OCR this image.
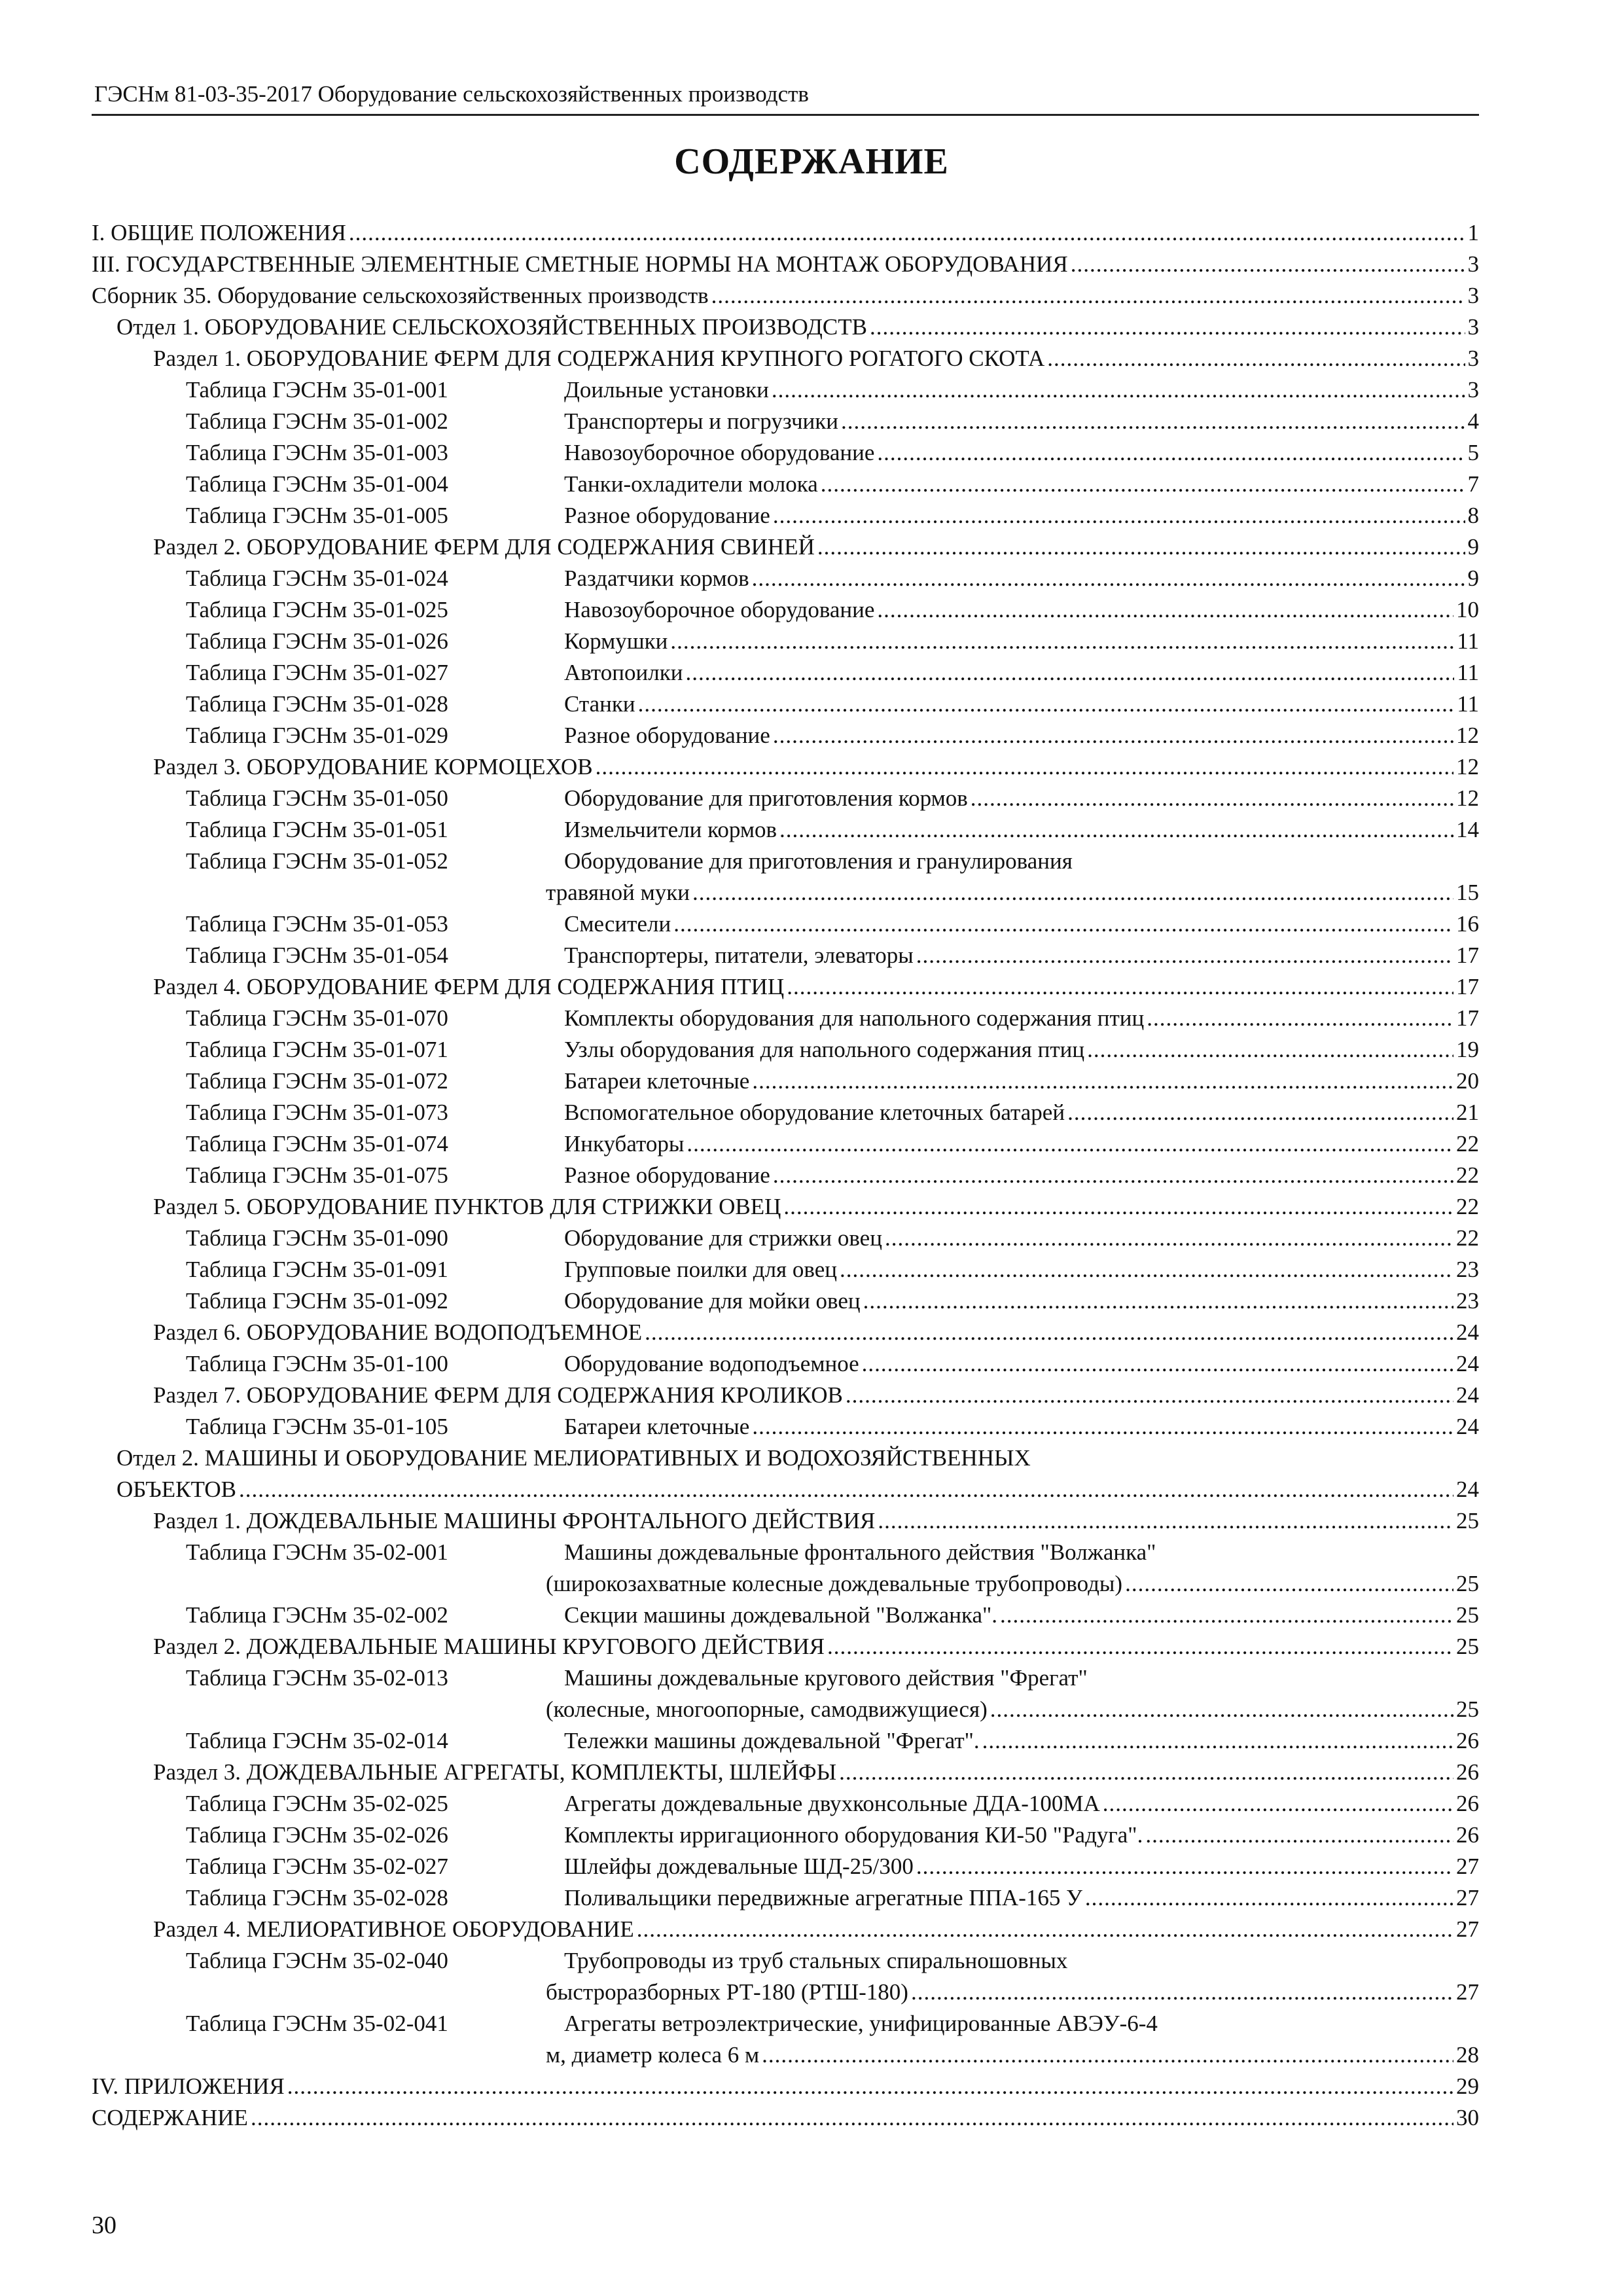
ГЭСНм 81-03-35-2017 Оборудование сельскохозяйственных производств
СОДЕРЖАНИЕ
I. ОБЩИЕ ПОЛОЖЕНИЯ .....	1
III. ГОСУДАРСТВЕННЫЕ ЭЛЕМЕНТНЫЕ СМЕТНЫЕ НОРМЫ НА МОНТАЖ ОБОРУДОВАНИЯ .....	3
Сборник 35. Оборудование сельскохозяйственных производств .....	3
Отдел 1. ОБОРУДОВАНИЕ СЕЛЬСКОХОЗЯЙСТВЕННЫХ ПРОИЗВОДСТВ .....	3
Раздел 1. ОБОРУДОВАНИЕ ФЕРМ ДЛЯ СОДЕРЖАНИЯ КРУПНОГО РОГАТОГО СКОТА .....	3
Таблица ГЭСНм 35-01-001	Доильные установки .....	3
Таблица ГЭСНм 35-01-002	Транспортеры и погрузчики .....	4
Таблица ГЭСНм 35-01-003	Навозоуборочное оборудование .....	5
Таблица ГЭСНм 35-01-004	Танки-охладители молока .....	7
Таблица ГЭСНм 35-01-005	Разное оборудование .....	8
Раздел 2. ОБОРУДОВАНИЕ ФЕРМ ДЛЯ СОДЕРЖАНИЯ СВИНЕЙ .....	9
Таблица ГЭСНм 35-01-024	Раздатчики кормов .....	9
Таблица ГЭСНм 35-01-025	Навозоуборочное оборудование .....	10
Таблица ГЭСНм 35-01-026	Кормушки .....	11
Таблица ГЭСНм 35-01-027	Автопоилки .....	11
Таблица ГЭСНм 35-01-028	Станки .....	11
Таблица ГЭСНм 35-01-029	Разное оборудование .....	12
Раздел 3. ОБОРУДОВАНИЕ КОРМОЦЕХОВ .....	12
Таблица ГЭСНм 35-01-050	Оборудование для приготовления кормов .....	12
Таблица ГЭСНм 35-01-051	Измельчители кормов .....	14
Таблица ГЭСНм 35-01-052	Оборудование для приготовления и гранулирования
травяной муки .....	15
Таблица ГЭСНм 35-01-053	Смесители .....	16
Таблица ГЭСНм 35-01-054	Транспортеры, питатели, элеваторы .....	17
Раздел 4. ОБОРУДОВАНИЕ ФЕРМ ДЛЯ СОДЕРЖАНИЯ ПТИЦ .....	17
Таблица ГЭСНм 35-01-070	Комплекты оборудования для напольного содержания птиц .....	17
Таблица ГЭСНм 35-01-071	Узлы оборудования для напольного содержания птиц .....	19
Таблица ГЭСНм 35-01-072	Батареи клеточные .....	20
Таблица ГЭСНм 35-01-073	Вспомогательное оборудование клеточных батарей .....	21
Таблица ГЭСНм 35-01-074	Инкубаторы .....	22
Таблица ГЭСНм 35-01-075	Разное оборудование .....	22
Раздел 5. ОБОРУДОВАНИЕ ПУНКТОВ ДЛЯ СТРИЖКИ ОВЕЦ .....	22
Таблица ГЭСНм 35-01-090	Оборудование для стрижки овец .....	22
Таблица ГЭСНм 35-01-091	Групповые поилки для овец .....	23
Таблица ГЭСНм 35-01-092	Оборудование для мойки овец .....	23
Раздел 6. ОБОРУДОВАНИЕ ВОДОПОДЪЕМНОЕ .....	24
Таблица ГЭСНм 35-01-100	Оборудование водоподъемное .....	24
Раздел 7. ОБОРУДОВАНИЕ ФЕРМ ДЛЯ СОДЕРЖАНИЯ КРОЛИКОВ .....	24
Таблица ГЭСНм 35-01-105	Батареи клеточные .....	24
Отдел 2. МАШИНЫ И ОБОРУДОВАНИЕ МЕЛИОРАТИВНЫХ И ВОДОХОЗЯЙСТВЕННЫХ
ОБЪЕКТОВ .....	24
Раздел 1. ДОЖДЕВАЛЬНЫЕ МАШИНЫ ФРОНТАЛЬНОГО ДЕЙСТВИЯ .....	25
Таблица ГЭСНм 35-02-001	Машины дождевальные фронтального действия "Волжанка"
(широкозахватные колесные дождевальные трубопроводы) .....	25
Таблица ГЭСНм 35-02-002	Секции машины дождевальной "Волжанка". .....	25
Раздел 2. ДОЖДЕВАЛЬНЫЕ МАШИНЫ КРУГОВОГО ДЕЙСТВИЯ .....	25
Таблица ГЭСНм 35-02-013	Машины дождевальные кругового действия "Фрегат"
(колесные, многоопорные, самодвижущиеся) .....	25
Таблица ГЭСНм 35-02-014	Тележки машины дождевальной "Фрегат". .....	26
Раздел 3. ДОЖДЕВАЛЬНЫЕ АГРЕГАТЫ, КОМПЛЕКТЫ, ШЛЕЙФЫ .....	26
Таблица ГЭСНм 35-02-025	Агрегаты дождевальные двухконсольные ДДА-100МА .....	26
Таблица ГЭСНм 35-02-026	Комплекты ирригационного оборудования КИ-50 "Радуга". .....	26
Таблица ГЭСНм 35-02-027	Шлейфы дождевальные ШД-25/300 .....	27
Таблица ГЭСНм 35-02-028	Поливальщики передвижные агрегатные ППА-165 У .....	27
Раздел 4. МЕЛИОРАТИВНОЕ ОБОРУДОВАНИЕ .....	27
Таблица ГЭСНм 35-02-040	Трубопроводы из труб стальных спиральношовных
быстроразборных РТ-180 (РТШ-180) .....	27
Таблица ГЭСНм 35-02-041	Агрегаты ветроэлектрические, унифицированные АВЭУ-6-4
м, диаметр колеса 6 м .....	28
IV. ПРИЛОЖЕНИЯ .....	29
СОДЕРЖАНИЕ .....	30
30
